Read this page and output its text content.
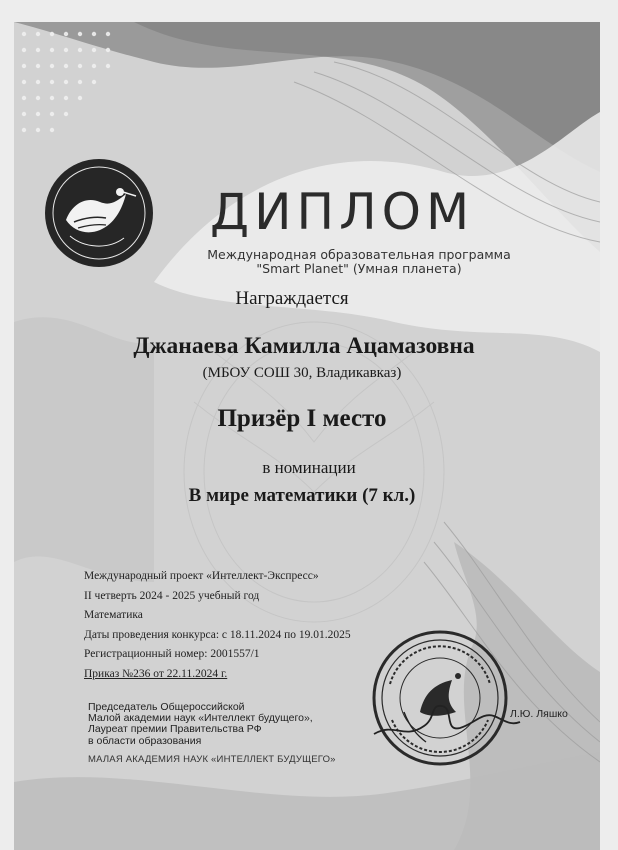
ДИПЛОМ
Международная образовательная программа
"Smart Planet" (Умная планета)
Награждается
Джанаева Камилла Ацамазовна
(МБОУ СОШ 30, Владикавказ)
Призёр I место
в номинации
В мире математики (7 кл.)
Международный проект «Интеллект-Экспресс»
II четверть 2024 - 2025 учебный год
Математика
Даты проведения конкурса: с 18.11.2024 по 19.01.2025
Регистрационный номер: 2001557/1
Приказ №236 от 22.11.2024 г.
Председатель Общероссийской
Малой академии наук «Интеллект будущего»,
Лауреат премии Правительства РФ
в области образования
Л.Ю. Ляшко
МАЛАЯ АКАДЕМИЯ НАУК «ИНТЕЛЛЕКТ БУДУЩЕГО»
